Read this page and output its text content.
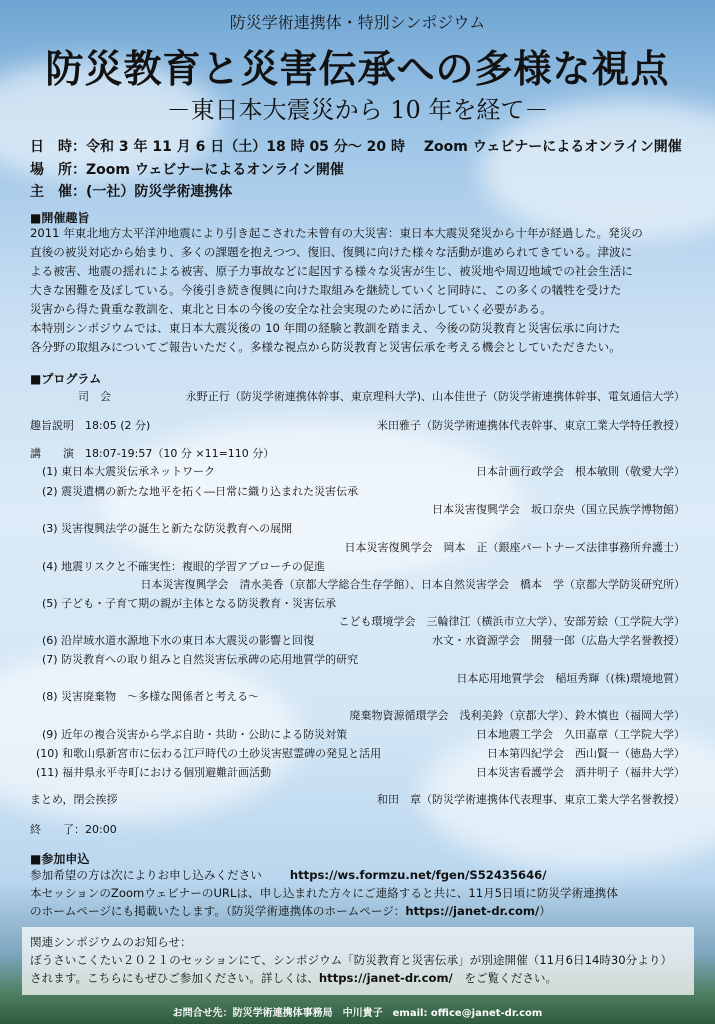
防災学術連携体・特別シンポジウム
防災教育と災害伝承への多様な視点
－東日本大震災から 10 年を経て－
日　時：令和 3 年 11 月 6 日（土）18 時 05 分～ 20 時　 Zoom ウェビナーによるオンライン開催
場　所：Zoom ウェビナーによるオンライン開催
主　催：(一社）防災学術連携体
■開催趣旨
2011 年東北地方太平洋沖地震により引き起こされた未曾有の大災害：東日本大震災発災から十年が経過した。発災の
直後の被災対応から始まり、多くの課題を抱えつつ、復旧、復興に向けた様々な活動が進められてきている。津波に
よる被害、地震の揺れによる被害、原子力事故などに起因する様々な災害が生じ、被災地や周辺地域での社会生活に
大きな困難を及ぼしている。今後引き続き復興に向けた取組みを継続していくと同時に、この多くの犠牲を受けた
災害から得た貴重な教訓を、東北と日本の今後の安全な社会実現のために活かしていく必要がある。
本特別シンポジウムでは、東日本大震災後の 10 年間の経験と教訓を踏まえ、今後の防災教育と災害伝承に向けた
各分野の取組みについてご報告いただく。多様な視点から防災教育と災害伝承を考える機会としていただきたい。
■プログラム
司　会	永野正行（防災学術連携体幹事、東京理科大学)、山本佳世子（防災学術連携体幹事、電気通信大学）
趣旨説明　18:05 (2 分)	米田雅子（防災学術連携体代表幹事、東京工業大学特任教授）
講　　演　18:07-19:57（10 分 ×11=110 分）
(1) 東日本大震災伝承ネットワーク	日本計画行政学会　根本敏則（敬愛大学）
(2) 震災遺構の新たな地平を拓く―日常に織り込まれた災害伝承
日本災害復興学会　坂口奈央（国立民族学博物館）
(3) 災害復興法学の誕生と新たな防災教育への展開
日本災害復興学会　岡本　正（銀座パートナーズ法律事務所弁護士）
(4) 地震リスクと不確実性：複眼的学習アプローチの促進
日本災害復興学会　清水美香（京都大学総合生存学館）、日本自然災害学会　橋本　学（京都大学防災研究所）
(5) 子ども・子育て期の親が主体となる防災教育・災害伝承
こども環境学会　三輪律江（横浜市立大学）、安部芳絵（工学院大学）
(6) 沿岸域水道水源地下水の東日本大震災の影響と回復	水文・水資源学会　開發一郎（広島大学名誉教授）
(7) 防災教育への取り組みと自然災害伝承碑の応用地質学的研究
日本応用地質学会　稲垣秀輝（(株)環境地質）
(8) 災害廃棄物　～多様な関係者と考える～
廃棄物資源循環学会　浅利美鈴（京都大学）、鈴木慎也（福岡大学）
(9) 近年の複合災害から学ぶ自助・共助・公助による防災対策	日本地震工学会　久田嘉章（工学院大学）
(10) 和歌山県新宮市に伝わる江戸時代の土砂災害慰霊碑の発見と活用	日本第四紀学会　西山賢一（徳島大学）
(11) 福井県永平寺町における個別避難計画活動	日本災害看護学会　酒井明子（福井大学）
まとめ，閉会挨拶	和田　章（防災学術連携体代表理事、東京工業大学名誉教授）
終　　了：20:00
■参加申込
参加希望の方は次によりお申し込みください https://ws.formzu.net/fgen/S52435646/
本セッションのZoomウェビナーのURLは、申し込まれた方々にご連絡すると共に、11月5日頃に防災学術連携体
のホームページにも掲載いたします。（防災学術連携体のホームページ：https://janet-dr.com/）
関連シンポジウムのお知らせ：
ぼうさいこくたい２０２１のセッションにて、シンポジウム「防災教育と災害伝承」が別途開催（11月6日14時30分より）
されます。こちらにもぜひご参加ください。詳しくは、https://janet-dr.com/　をご覧ください。
お問合せ先：防災学術連携体事務局　中川貴子　email: office@janet-dr.com
